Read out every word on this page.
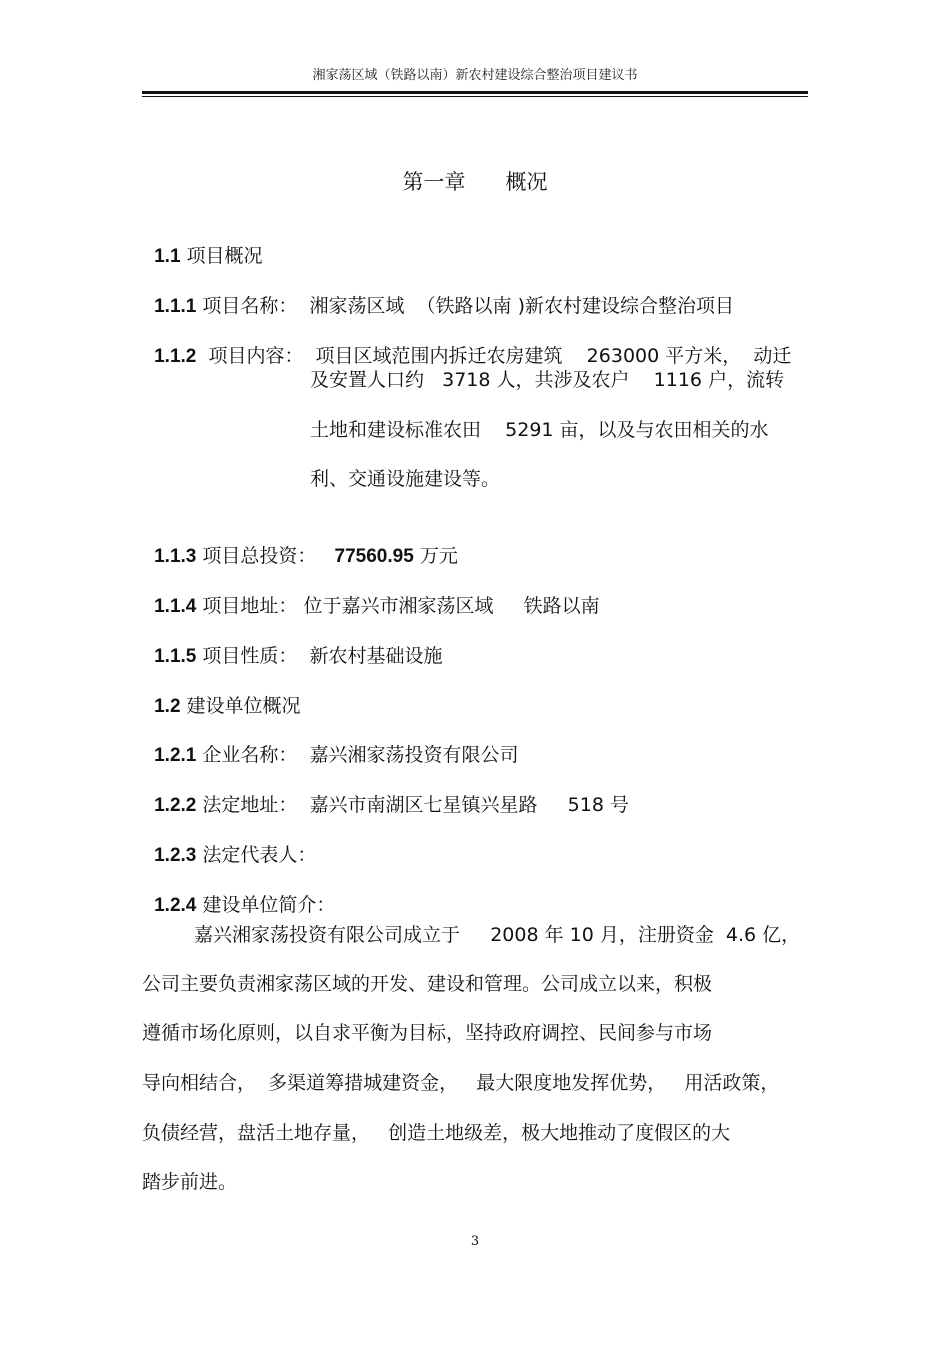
湘家荡区域（铁路以南）新农村建设综合整治项目建议书
第一章      概况

1.1 项目概况

1.1.1 项目名称：  湘家荡区域  （铁路以南 )新农村建设综合整治项目

1.1.2  项目内容：  项目区域范围内拆迁农房建筑    263000 平方米，  动迁

及安置人口约   3718 人，共涉及农户    1116 户，流转
土地和建设标准农田    5291 亩，以及与农田相关的水
利、交通设施建设等。

1.1.3 项目总投资：   77560.95 万元

1.1.4 项目地址： 位于嘉兴市湘家荡区域     铁路以南

1.1.5 项目性质：  新农村基础设施

1.2 建设单位概况

1.2.1 企业名称：  嘉兴湘家荡投资有限公司

1.2.2 法定地址：  嘉兴市南湖区七星镇兴星路     518 号

1.2.3 法定代表人：

1.2.4 建设单位简介：

嘉兴湘家荡投资有限公司成立于     2008 年 10 月，注册资金  4.6 亿，
公司主要负责湘家荡区域的开发、建设和管理。公司成立以来，积极
遵循市场化原则，以自求平衡为目标，坚持政府调控、民间参与市场
导向相结合，  多渠道筹措城建资金，   最大限度地发挥优势，   用活政策，
负债经营，盘活土地存量，   创造土地级差，极大地推动了度假区的大
踏步前进。
3
